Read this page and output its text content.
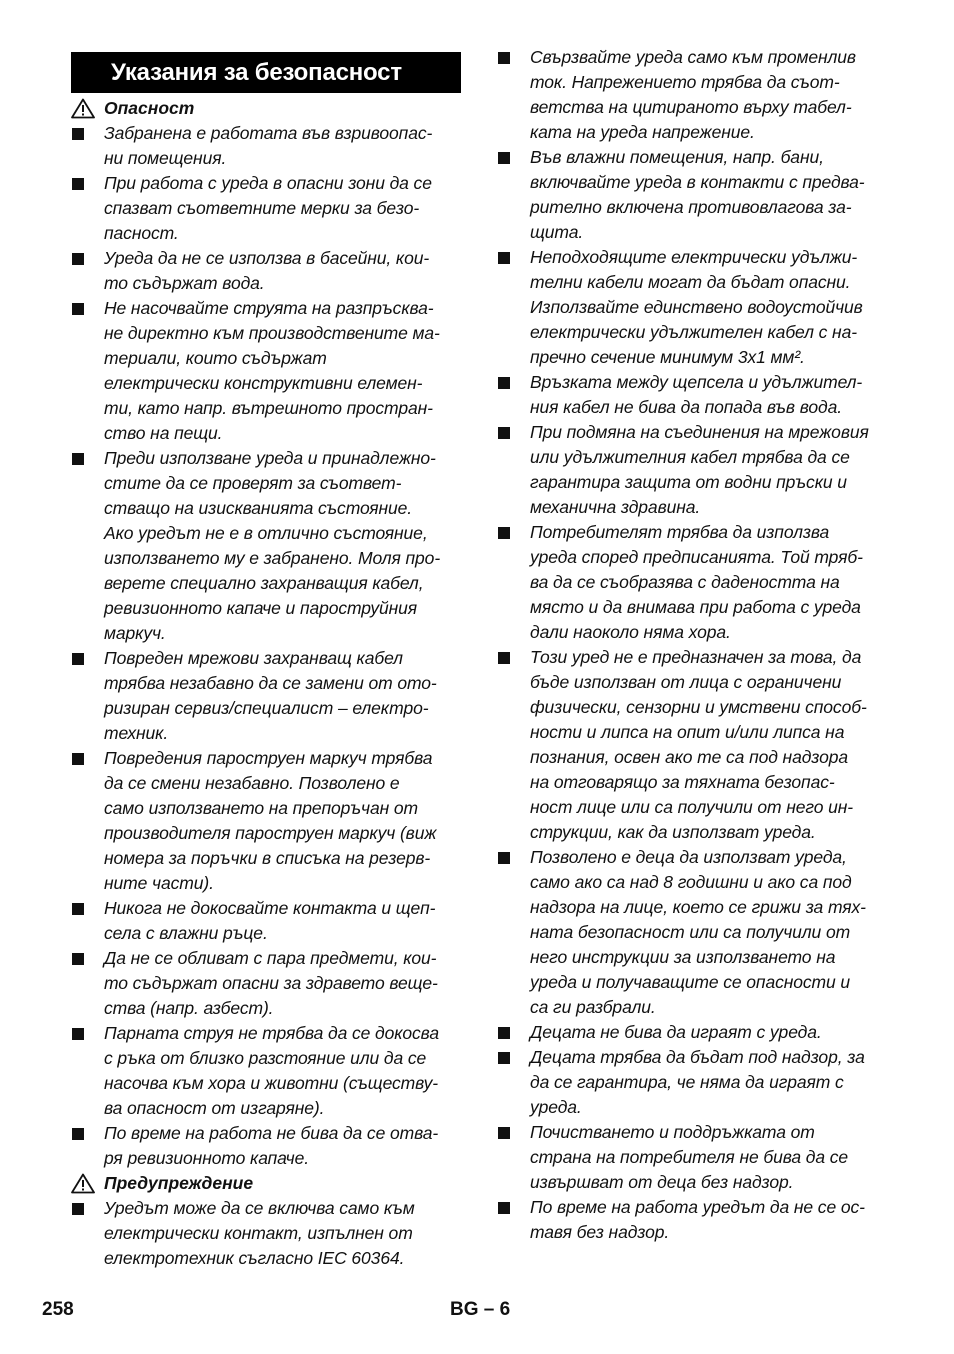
Указания за безопасност
Опасност
Забранена е работата във взривоопас-
ни помещения.
При работа с уреда в опасни зони да се
спазват съответните мерки за безо-
пасност.
Уреда да не се използва в басейни, кои-
то съдържат вода.
Не насочвайте струята на разпръсква-
не директно към производствените ма-
териали, които съдържат
електрически конструктивни елемен-
ти, като напр. вътрешното простран-
ство на пещи.
Преди използване уреда и принадлежно-
стите да се проверят за съответ-
стващо на изискванията състояние.
Ако уредът не е в отлично състояние,
използването му е забранено. Моля про-
верете специално захранващия кабел,
ревизионното капаче и пароструйния
маркуч.
Повреден мрежови захранващ кабел
трябва незабавно да се замени от ото-
ризиран сервиз/специалист – електро-
техник.
Повредения пароструен маркуч трябва
да се смени незабавно. Позволено е
само използването на препоръчан от
производителя пароструен маркуч (виж
номера за поръчки в списъка на резерв-
ните части).
Никога не докосвайте контакта и щеп-
села с влажни ръце.
Да не се обливат с пара предмети, кои-
то съдържат опасни за здравето веще-
ства (напр. азбест).
Парната струя не трябва да се докосва
с ръка от близко разстояние или да се
насочва към хора и животни (съществу-
ва опасност от изгаряне).
По време на работа не бива да се отва-
ря ревизионното капаче.
Предупреждение
Уредът може да се включва само към
електрически контакт, изпълнен от
електротехник съгласно IEC 60364.
Свързвайте уреда само към променлив
ток. Напрежението трябва да съот-
ветства на цитираното върху табел-
ката на уреда напрежение.
Във влажни помещения, напр. бани,
включвайте уреда в контакти с предва-
рително включена противовлагова за-
щита.
Неподходящите електрически удължи-
телни кабели могат да бъдат опасни.
Използвайте единствено водоустойчив
електрически удължителен кабел с на-
пречно сечение минимум 3x1 мм².
Връзката между щепсела и удължител-
ния кабел не бива да попада във вода.
При подмяна на съединения на мрежовия
или удължителния кабел трябва да се
гарантира защита от водни пръски и
механична здравина.
Потребителят трябва да използва
уреда според предписанията. Той тряб-
ва да се съобразява с дадеността на
място и да внимава при работа с уреда
дали наоколо няма хора.
Този уред не е предназначен за това, да
бъде използван от лица с ограничени
физически, сензорни и умствени способ-
ности и липса на опит и/или липса на
познания, освен ако те са под надзора
на отговарящо за тяхната безопас-
ност лице или са получили от него ин-
струкции, как да използват уреда.
Позволено е деца да използват уреда,
само ако са над 8 годишни и ако са под
надзора на лице, което се грижи за тях-
ната безопасност или са получили от
него инструкции за използването на
уреда и получаващите се опасности и
са ги разбрали.
Децата не бива да играят с уреда.
Децата трябва да бъдат под надзор, за
да се гарантира, че няма да играят с
уреда.
Почистването и поддръжката от
страна на потребителя не бива да се
извършват от деца без надзор.
По време на работа уредът да не се ос-
тавя без надзор.
258	BG – 6
